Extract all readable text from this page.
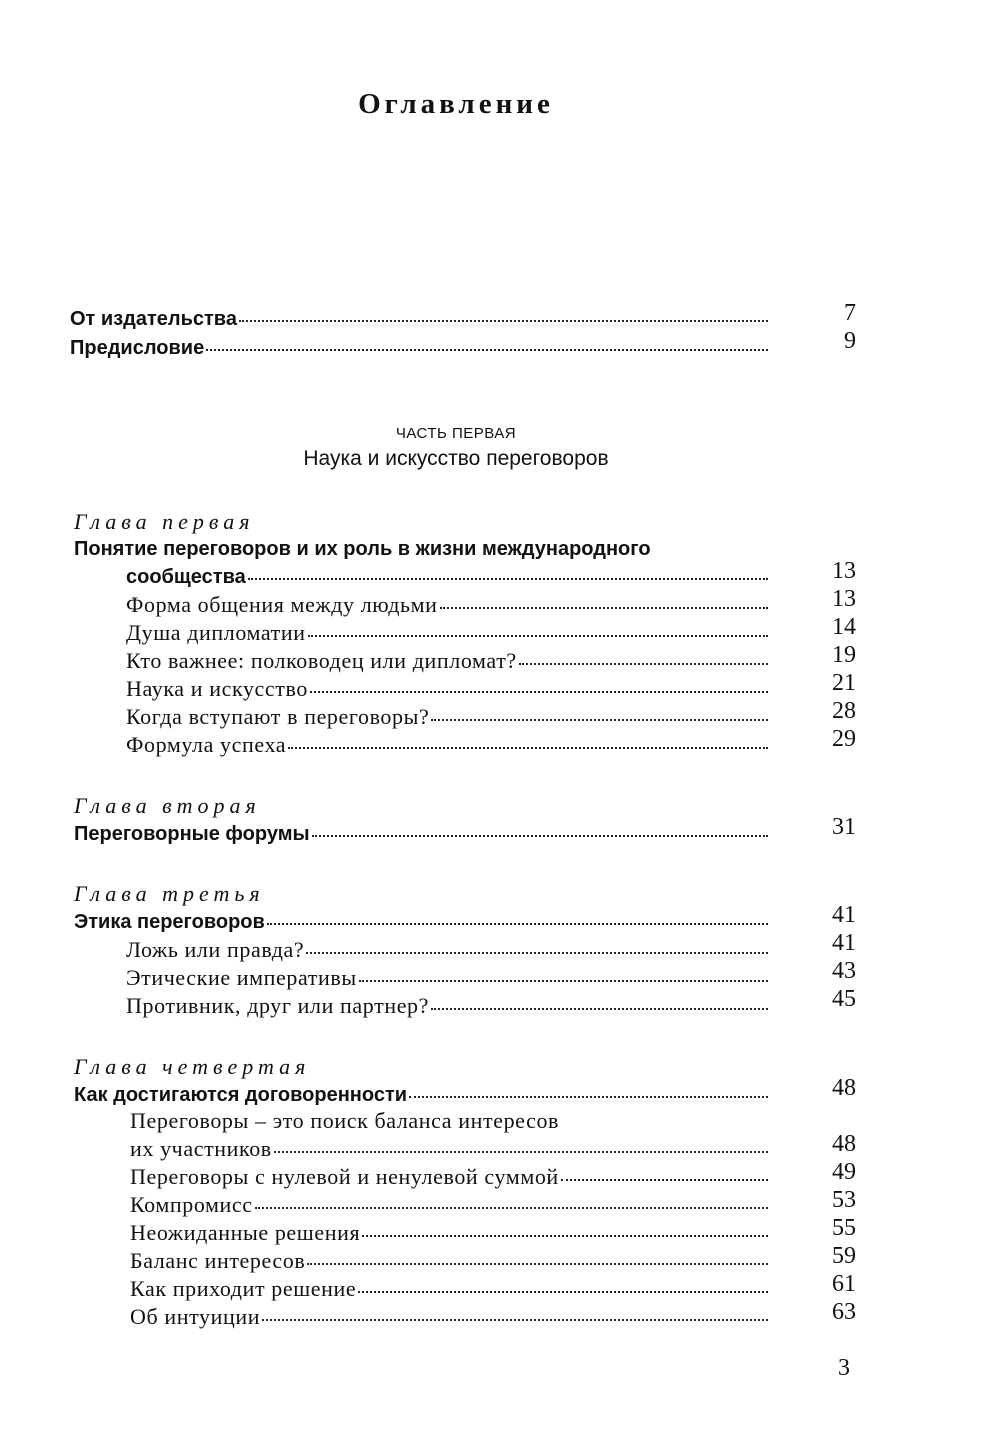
Оглавление
От издательства	7
Предисловие	9
ЧАСТЬ ПЕРВАЯ
Наука и искусство переговоров
Глава первая
Понятие переговоров и их роль в жизни международного
сообщества	13
Форма общения между людьми	13
Душа дипломатии	14
Кто важнее: полководец или дипломат?	19
Наука и искусство	21
Когда вступают в переговоры?	28
Формула успеха	29
Глава вторая
Переговорные форумы	31
Глава третья
Этика переговоров	41
Ложь или правда?	41
Этические императивы	43
Противник, друг или партнер?	45
Глава четвертая
Как достигаются договоренности	48
Переговоры – это поиск баланса интересов
их участников	48
Переговоры с нулевой и ненулевой суммой	49
Компромисс	53
Неожиданные решения	55
Баланс интересов	59
Как приходит решение	61
Об интуиции	63
3
